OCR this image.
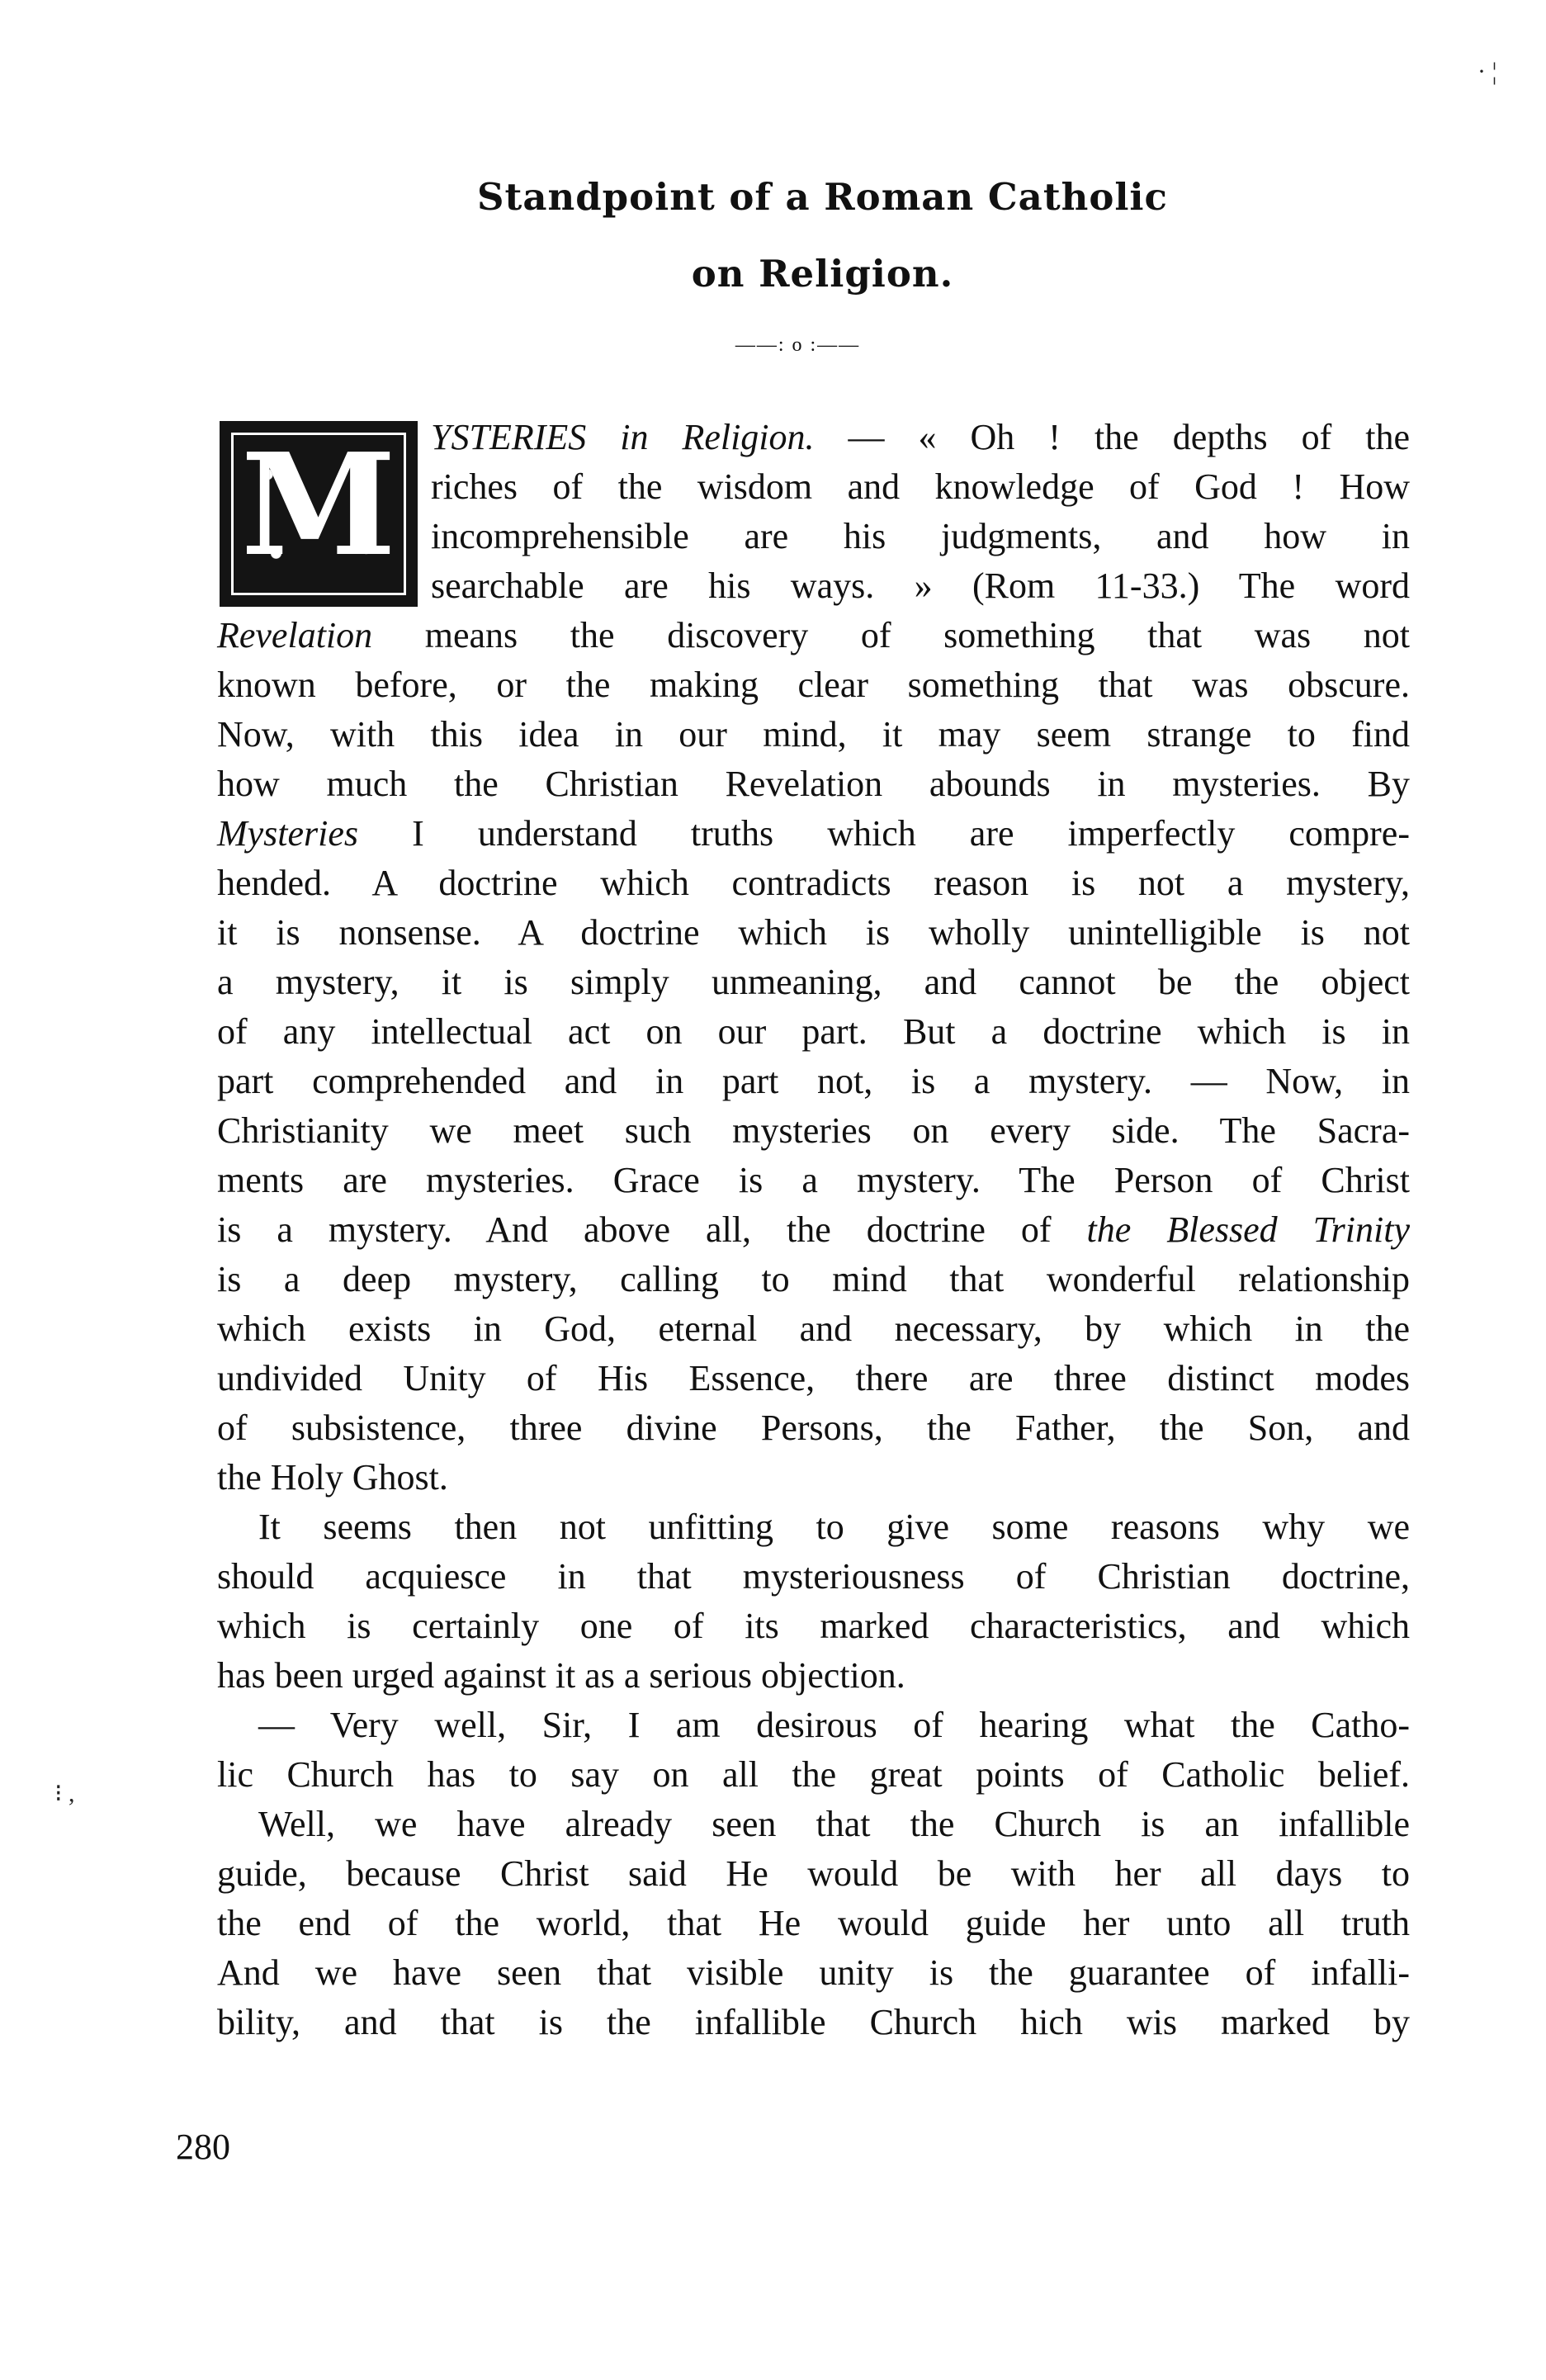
Standpoint of a Roman Catholic
on Religion.
——: o :——
M YSTERIES in Religion. — « Oh ! the depths of the
riches of the wisdom and knowledge of God ! How
incomprehensible are his judgments, and how in
searchable are his ways. » (Rom 11-33.) The word
Revelation means the discovery of something that was not
known before, or the making clear something that was obscure.
Now, with this idea in our mind, it may seem strange to find
how much the Christian Revelation abounds in mysteries. By
Mysteries I understand truths which are imperfectly compre-
hended. A doctrine which contradicts reason is not a mystery,
it is nonsense. A doctrine which is wholly unintelligible is not
a mystery, it is simply unmeaning, and cannot be the object
of any intellectual act on our part. But a doctrine which is in
part comprehended and in part not, is a mystery. — Now, in
Christianity we meet such mysteries on every side. The Sacra-
ments are mysteries. Grace is a mystery. The Person of Christ
is a mystery. And above all, the doctrine of the Blessed Trinity
is a deep mystery, calling to mind that wonderful relationship
which exists in God, eternal and necessary, by which in the
undivided Unity of His Essence, there are three distinct modes
of subsistence, three divine Persons, the Father, the Son, and
the Holy Ghost.
It seems then not unfitting to give some reasons why we
should acquiesce in that mysteriousness of Christian doctrine,
which is certainly one of its marked characteristics, and which
has been urged against it as a serious objection.
— Very well, Sir, I am desirous of hearing what the Catho-
lic Church has to say on all the great points of Catholic belief.
Well, we have already seen that the Church is an infallible
guide, because Christ said He would be with her all days to
the end of the world, that He would guide her unto all truth
And we have seen that visible unity is the guarantee of infalli-
bility, and that is the infallible Church hich wis marked by
280
· ¦
⁝ ,
